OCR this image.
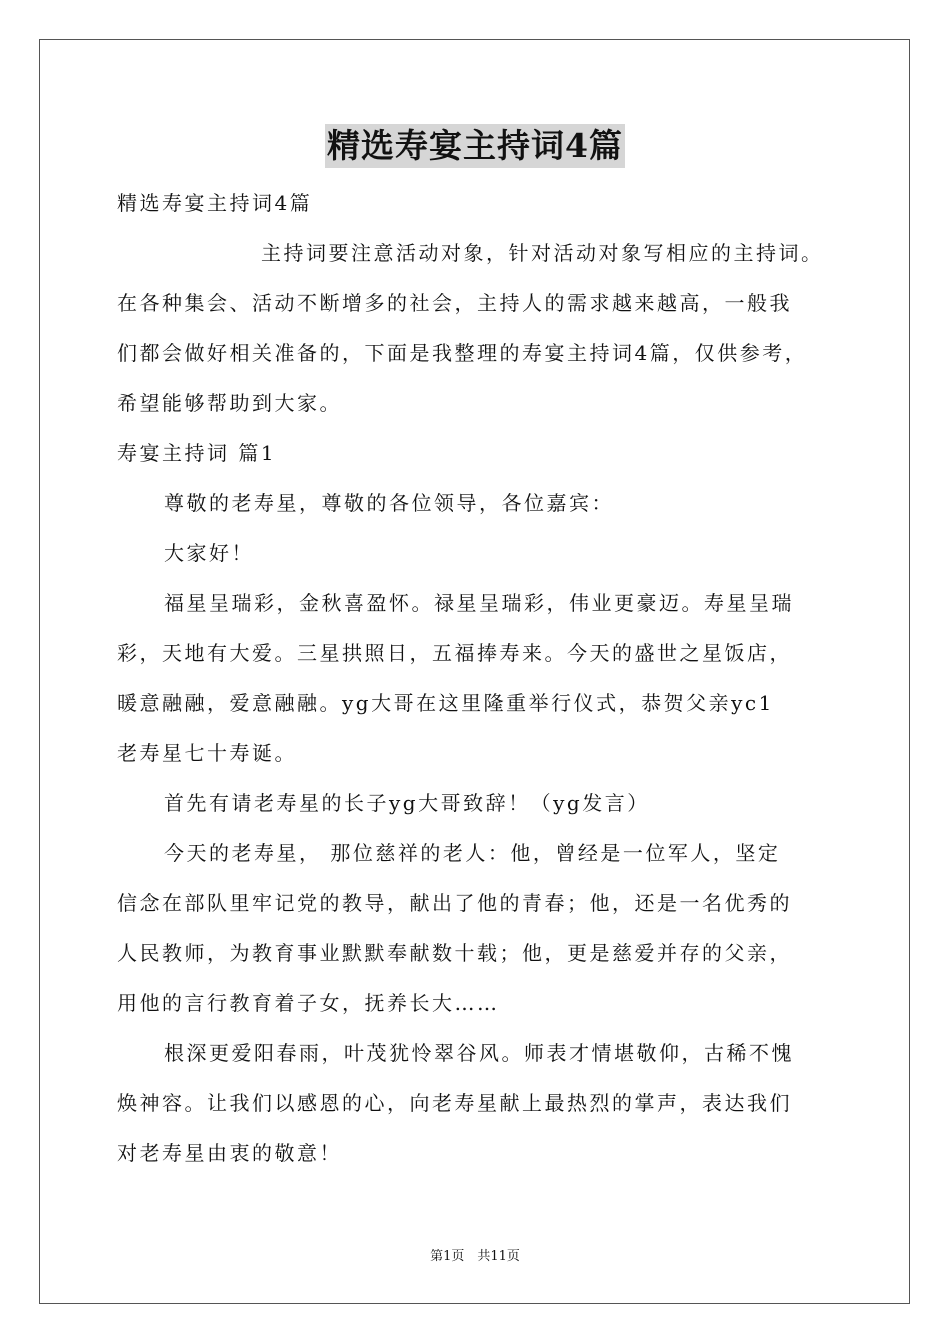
精选寿宴主持词4篇
精选寿宴主持词4篇
主持词要注意活动对象，针对活动对象写相应的主持词。
在各种集会、活动不断增多的社会，主持人的需求越来越高，一般我
们都会做好相关准备的，下面是我整理的寿宴主持词4篇，仅供参考，
希望能够帮助到大家。
寿宴主持词 篇1
尊敬的老寿星，尊敬的各位领导，各位嘉宾：
大家好！
福星呈瑞彩，金秋喜盈怀。禄星呈瑞彩，伟业更豪迈。寿星呈瑞
彩，天地有大爱。三星拱照日，五福捧寿来。今天的盛世之星饭店，
暖意融融，爱意融融。yg大哥在这里隆重举行仪式，恭贺父亲yc1
老寿星七十寿诞。
首先有请老寿星的长子yg大哥致辞！（yg发言）
今天的老寿星， 那位慈祥的老人：他，曾经是一位军人，坚定
信念在部队里牢记党的教导，献出了他的青春；他，还是一名优秀的
人民教师，为教育事业默默奉献数十载；他，更是慈爱并存的父亲，
用他的言行教育着子女，抚养长大……
根深更爱阳春雨，叶茂犹怜翠谷风。师表才情堪敬仰，古稀不愧
焕神容。让我们以感恩的心，向老寿星献上最热烈的掌声，表达我们
对老寿星由衷的敬意！
第1页　共11页
